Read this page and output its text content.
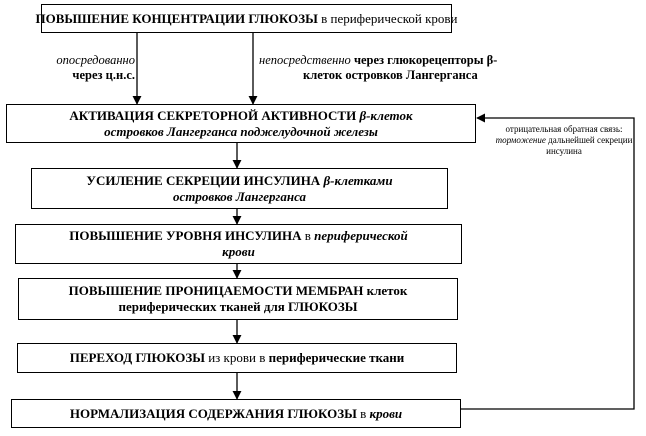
ПОВЫШЕНИЕ КОНЦЕНТРАЦИИ ГЛЮКОЗЫ в периферической крови
опосредованно
через ц.н.с.
непосредственно через глюкорецепторы β-
клеток островков Лангерганса
АКТИВАЦИЯ СЕКРЕТОРНОЙ АКТИВНОСТИ β-клеток
островков Лангерганса поджелудочной железы	отрицательная обратная связь:
торможение дальнейшей секреции
инсулина
УСИЛЕНИЕ СЕКРЕЦИИ ИНСУЛИНА β-клетками
островков Лангерганса
ПОВЫШЕНИЕ УРОВНЯ ИНСУЛИНА в периферической
крови
ПОВЫШЕНИЕ ПРОНИЦАЕМОСТИ МЕМБРАН клеток
периферических тканей для ГЛЮКОЗЫ
ПЕРЕХОД ГЛЮКОЗЫ из крови в периферические ткани
НОРМАЛИЗАЦИЯ СОДЕРЖАНИЯ ГЛЮКОЗЫ в крови
